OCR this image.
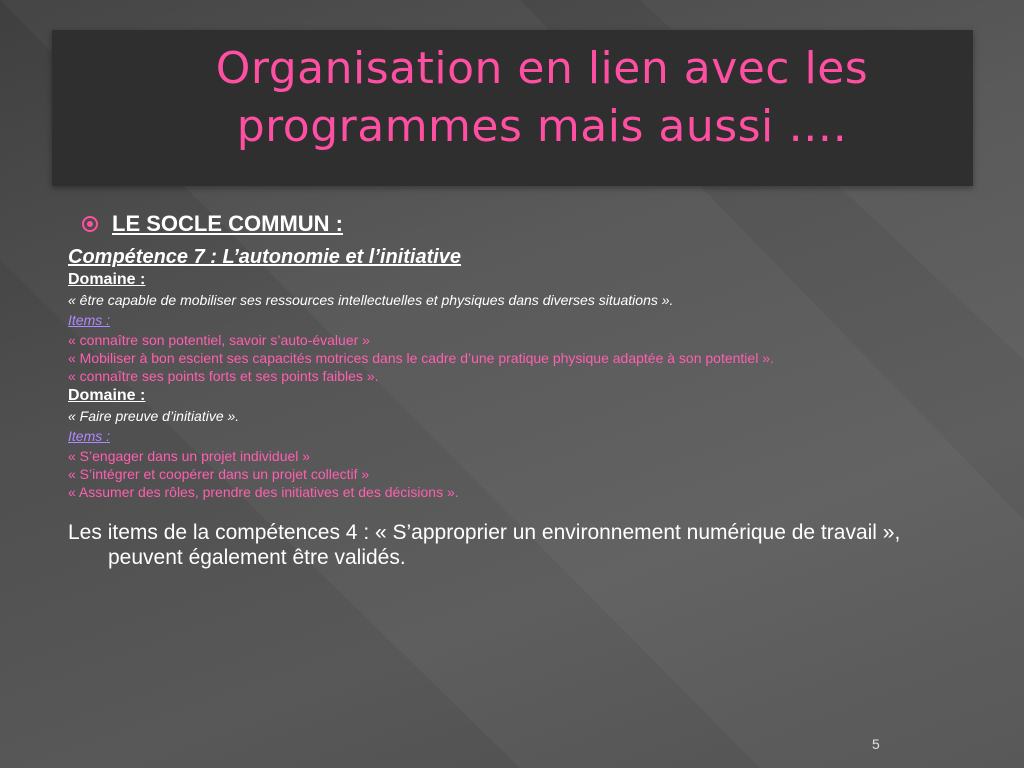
Organisation en lien avec les programmes mais aussi ….
LE SOCLE COMMUN :
Compétence 7 : L’autonomie et l’initiative
Domaine :
« être capable de mobiliser ses ressources intellectuelles et physiques dans diverses situations ».
Items :
« connaître son potentiel, savoir s’auto-évaluer »
« Mobiliser à bon escient ses capacités motrices dans le cadre d’une pratique physique adaptée à son potentiel ».
« connaître ses points forts et ses points faibles ».
Domaine :
« Faire preuve d’initiative ».
Items :
« S’engager dans un projet individuel »
« S’intégrer et coopérer dans un projet collectif »
« Assumer des rôles, prendre des initiatives et des décisions ».
Les items de la compétences 4 : « S’approprier un environnement numérique de travail », peuvent également être validés.
5
